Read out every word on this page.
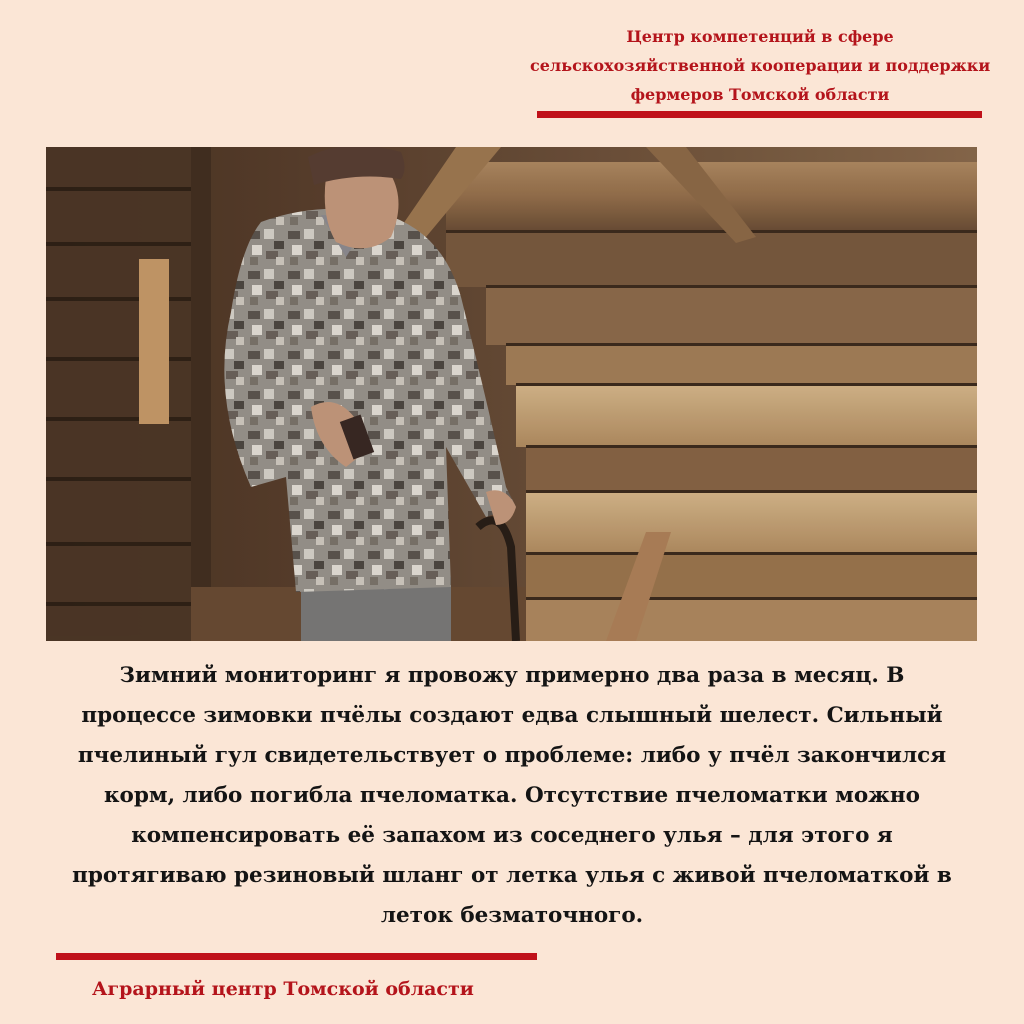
Центр компетенций в сфере
сельскохозяйственной кооперации и поддержки
фермеров Томской области
Зимний мониторинг я провожу примерно два раза в месяц. В
процессе зимовки пчёлы создают едва слышный шелест. Сильный
пчелиный гул свидетельствует о проблеме: либо у пчёл закончился
корм, либо погибла пчеломатка. Отсутствие пчеломатки можно
компенсировать её запахом из соседнего улья – для этого я
протягиваю резиновый шланг от летка улья с живой пчеломаткой в
леток безматочного.
Аграрный центр Томской области
